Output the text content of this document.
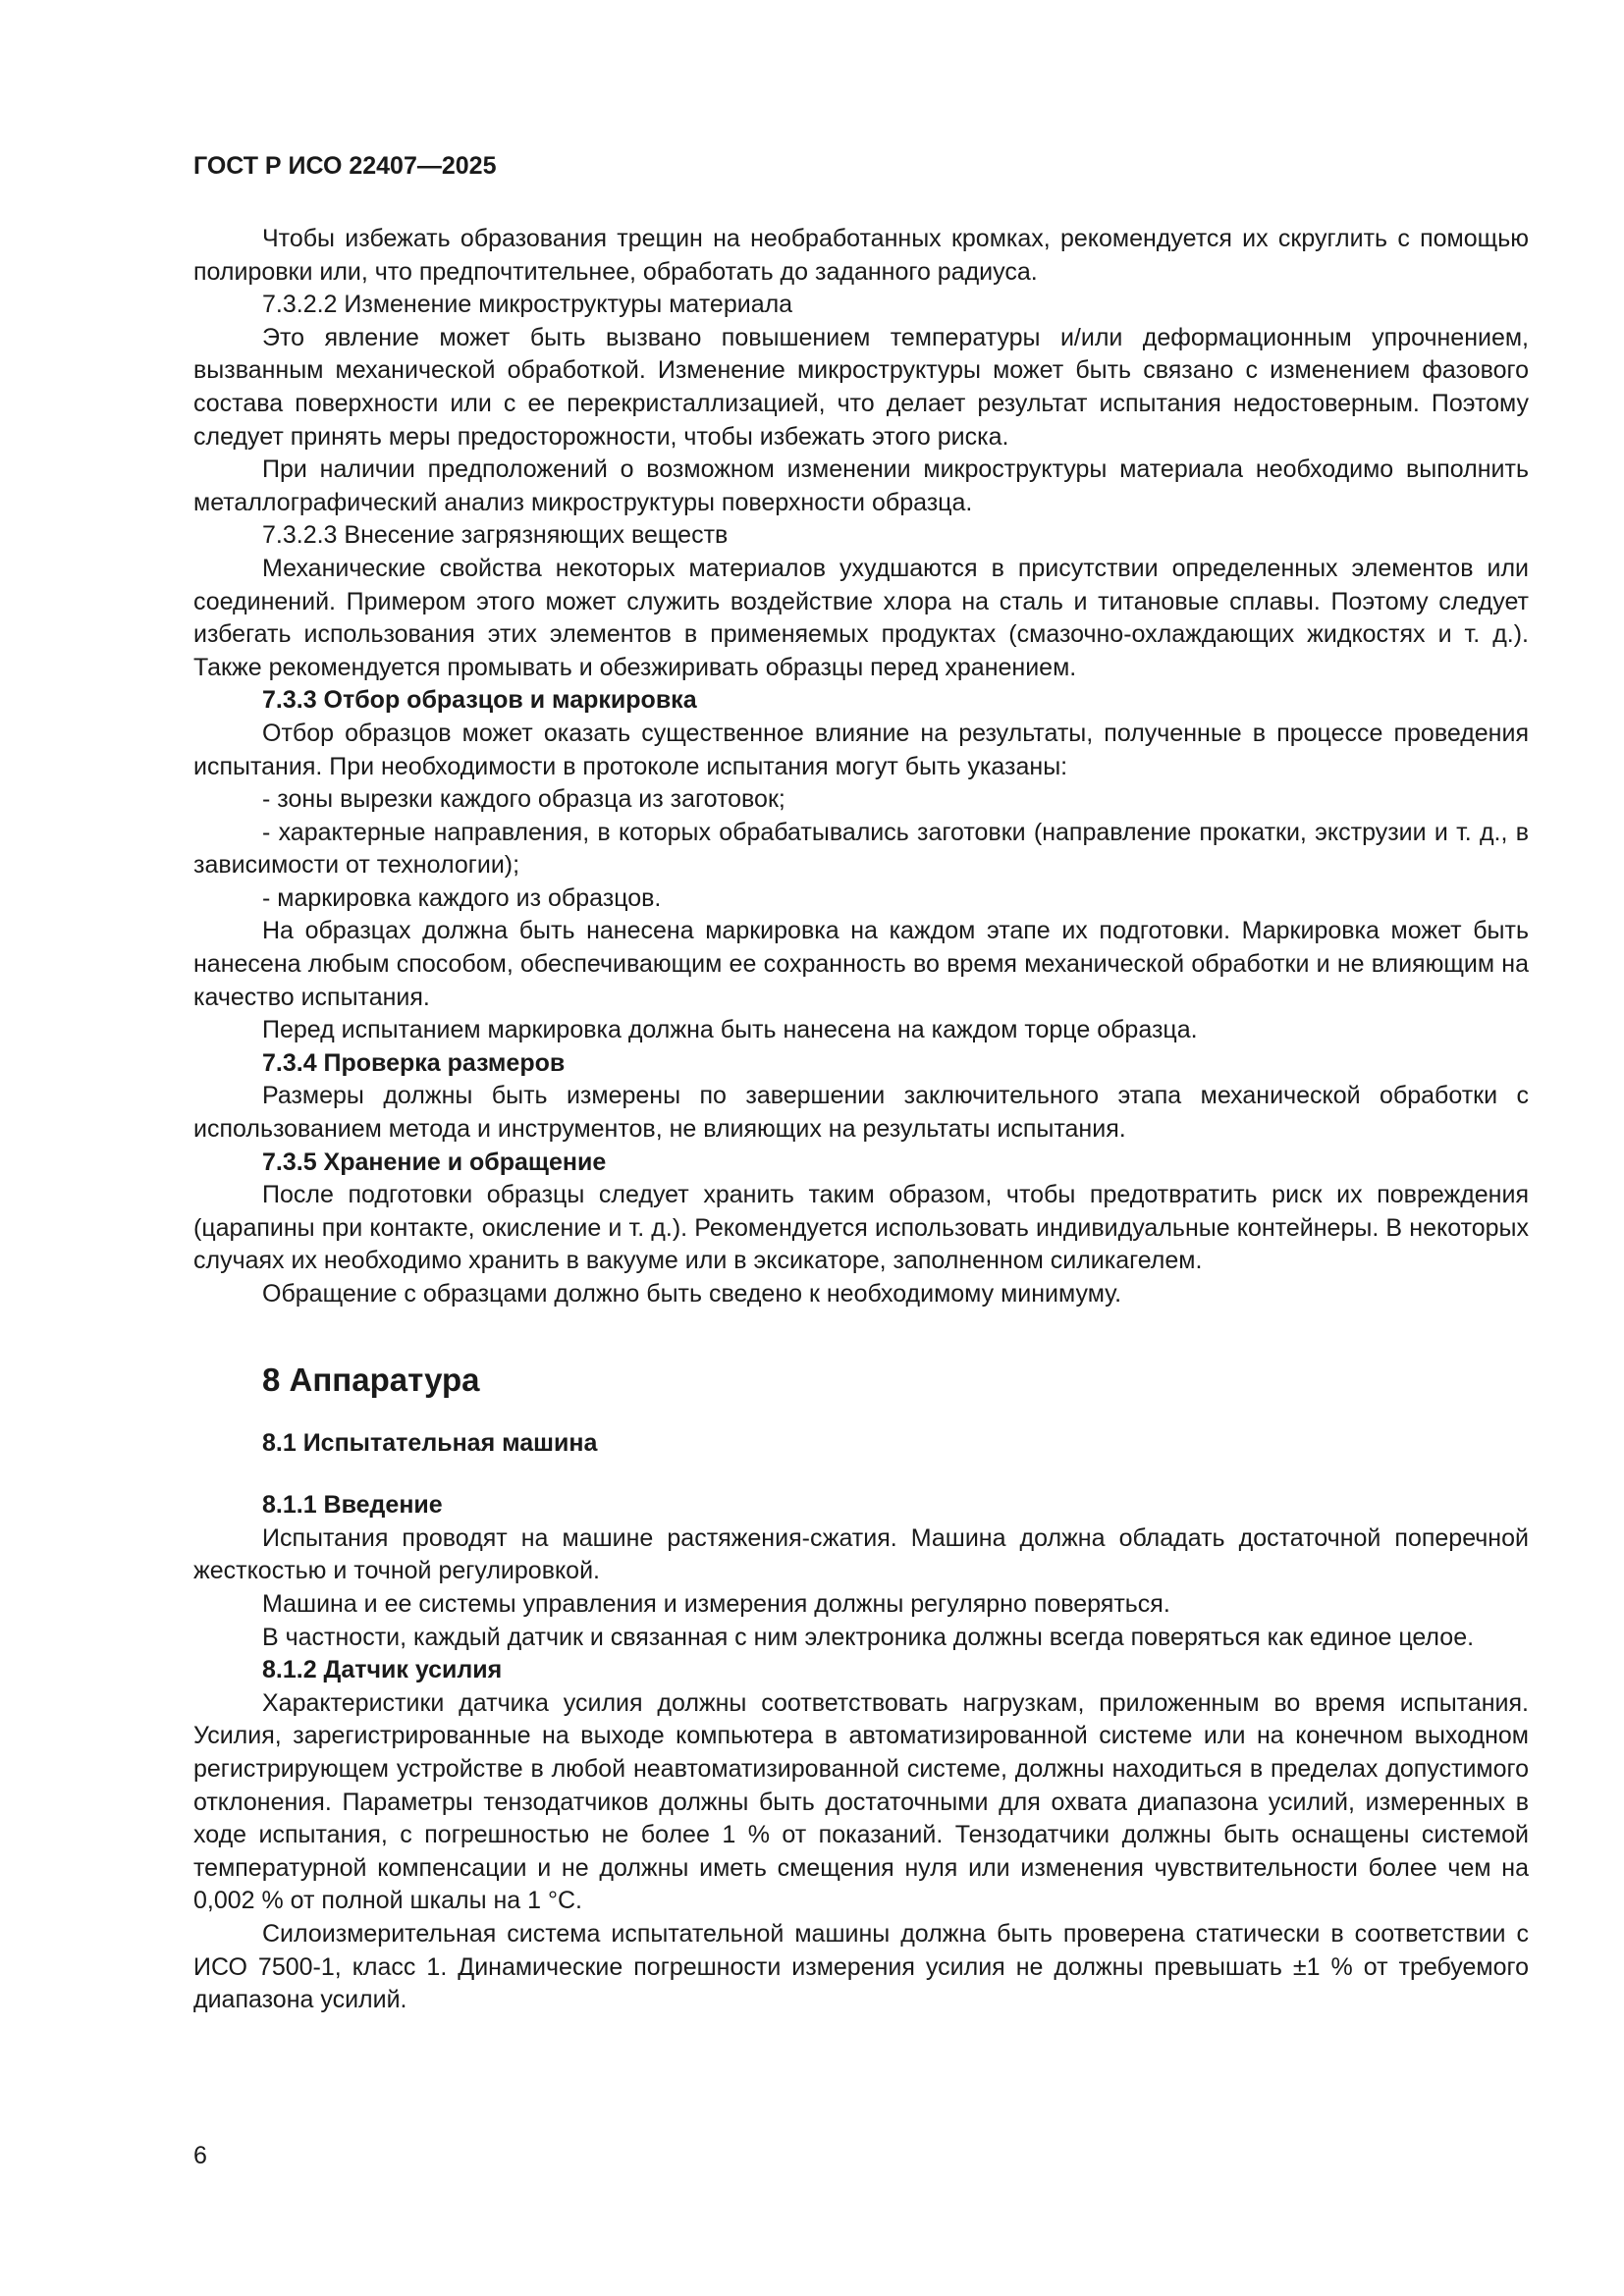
ГОСТ Р ИСО 22407—2025

Чтобы избежать образования трещин на необработанных кромках, рекомендуется их скруглить с помощью полировки или, что предпочтительнее, обработать до заданного радиуса.

7.3.2.2 Изменение микроструктуры материала

Это явление может быть вызвано повышением температуры и/или деформационным упрочнением, вызванным механической обработкой. Изменение микроструктуры может быть связано с изменением фазового состава поверхности или с ее перекристаллизацией, что делает результат испытания недостоверным. Поэтому следует принять меры предосторожности, чтобы избежать этого риска.

При наличии предположений о возможном изменении микроструктуры материала необходимо выполнить металлографический анализ микроструктуры поверхности образца.

7.3.2.3 Внесение загрязняющих веществ

Механические свойства некоторых материалов ухудшаются в присутствии определенных элементов или соединений. Примером этого может служить воздействие хлора на сталь и титановые сплавы. Поэтому следует избегать использования этих элементов в применяемых продуктах (смазочно-охлаждающих жидкостях и т. д.). Также рекомендуется промывать и обезжиривать образцы перед хранением.

7.3.3 Отбор образцов и маркировка

Отбор образцов может оказать существенное влияние на результаты, полученные в процессе проведения испытания. При необходимости в протоколе испытания могут быть указаны:

- зоны вырезки каждого образца из заготовок;

- характерные направления, в которых обрабатывались заготовки (направление прокатки, экструзии и т. д., в зависимости от технологии);

- маркировка каждого из образцов.

На образцах должна быть нанесена маркировка на каждом этапе их подготовки. Маркировка может быть нанесена любым способом, обеспечивающим ее сохранность во время механической обработки и не влияющим на качество испытания.

Перед испытанием маркировка должна быть нанесена на каждом торце образца.

7.3.4 Проверка размеров

Размеры должны быть измерены по завершении заключительного этапа механической обработки с использованием метода и инструментов, не влияющих на результаты испытания.

7.3.5 Хранение и обращение

После подготовки образцы следует хранить таким образом, чтобы предотвратить риск их повреждения (царапины при контакте, окисление и т. д.). Рекомендуется использовать индивидуальные контейнеры. В некоторых случаях их необходимо хранить в вакууме или в эксикаторе, заполненном силикагелем.

Обращение с образцами должно быть сведено к необходимому минимуму.

8 Аппаратура
8.1 Испытательная машина

8.1.1 Введение

Испытания проводят на машине растяжения-сжатия. Машина должна обладать достаточной поперечной жесткостью и точной регулировкой.

Машина и ее системы управления и измерения должны регулярно поверяться.

В частности, каждый датчик и связанная с ним электроника должны всегда поверяться как единое целое.

8.1.2 Датчик усилия

Характеристики датчика усилия должны соответствовать нагрузкам, приложенным во время испытания. Усилия, зарегистрированные на выходе компьютера в автоматизированной системе или на конечном выходном регистрирующем устройстве в любой неавтоматизированной системе, должны находиться в пределах допустимого отклонения. Параметры тензодатчиков должны быть достаточными для охвата диапазона усилий, измеренных в ходе испытания, с погрешностью не более 1 % от показаний. Тензодатчики должны быть оснащены системой температурной компенсации и не должны иметь смещения нуля или изменения чувствительности более чем на 0,002 % от полной шкалы на 1 °C.

Силоизмерительная система испытательной машины должна быть проверена статически в соответствии с ИСО 7500-1, класс 1. Динамические погрешности измерения усилия не должны превышать ±1 % от требуемого диапазона усилий.

6
